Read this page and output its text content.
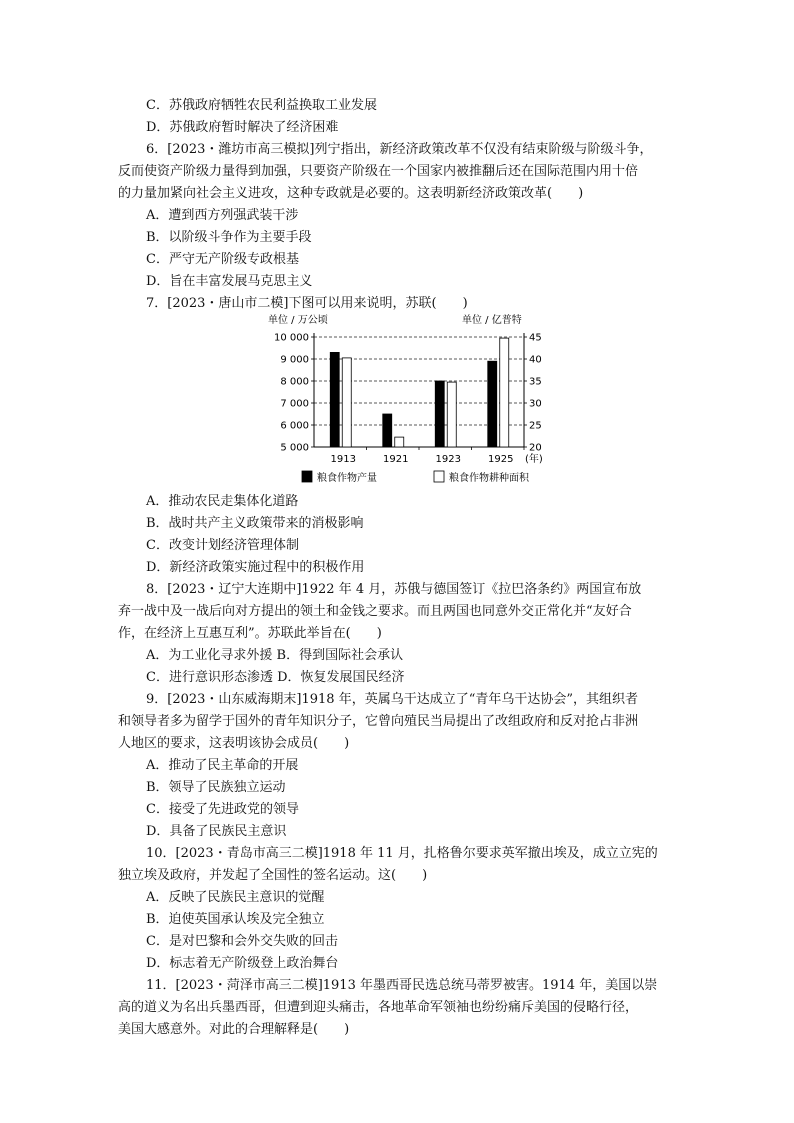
C．苏俄政府牺牲农民利益换取工业发展
D．苏俄政府暂时解决了经济困难
6．[2023・潍坊市高三模拟]列宁指出，新经济政策改革不仅没有结束阶级与阶级斗争，
反而使资产阶级力量得到加强，只要资产阶级在一个国家内被推翻后还在国际范围内用十倍
的力量加紧向社会主义进攻，这种专政就是必要的。这表明新经济政策改革(　　)
A．遭到西方列强武装干涉
B．以阶级斗争作为主要手段
C．严守无产阶级专政根基
D．旨在丰富发展马克思主义
7．[2023・唐山市二模]下图可以用来说明，苏联(　　)
单位 / 万公顷	单位 / 亿普特
5 000
6 000
7 000
8 000
9 000
10 000
20
25
30
35
40
45
1913	1921	1923	1925 (年)
粮食作物产量	粮食作物耕种面积
A．推动农民走集体化道路
B．战时共产主义政策带来的消极影响
C．改变计划经济管理体制
D．新经济政策实施过程中的积极作用
8．[2023・辽宁大连期中]1922 年 4 月，苏俄与德国签订《拉巴洛条约》两国宣布放
弃一战中及一战后向对方提出的领土和金钱之要求。而且两国也同意外交正常化并“友好合
作，在经济上互惠互利”。苏联此举旨在(　　)
A．为工业化寻求外援 B．得到国际社会承认
C．进行意识形态渗透 D．恢复发展国民经济
9．[2023・山东威海期末]1918 年，英属乌干达成立了“青年乌干达协会”，其组织者
和领导者多为留学于国外的青年知识分子，它曾向殖民当局提出了改组政府和反对抢占非洲
人地区的要求，这表明该协会成员(　　)
A．推动了民主革命的开展
B．领导了民族独立运动
C．接受了先进政党的领导
D．具备了民族民主意识
10．[2023・青岛市高三二模]1918 年 11 月，扎格鲁尔要求英军撤出埃及，成立立宪的
独立埃及政府，并发起了全国性的签名运动。这(　　)
A．反映了民族民主意识的觉醒
B．迫使英国承认埃及完全独立
C．是对巴黎和会外交失败的回击
D．标志着无产阶级登上政治舞台
11．[2023・菏泽市高三二模]1913 年墨西哥民选总统马蒂罗被害。1914 年，美国以崇
高的道义为名出兵墨西哥，但遭到迎头痛击，各地革命军领袖也纷纷痛斥美国的侵略行径，
美国大感意外。对此的合理解释是(　　)
